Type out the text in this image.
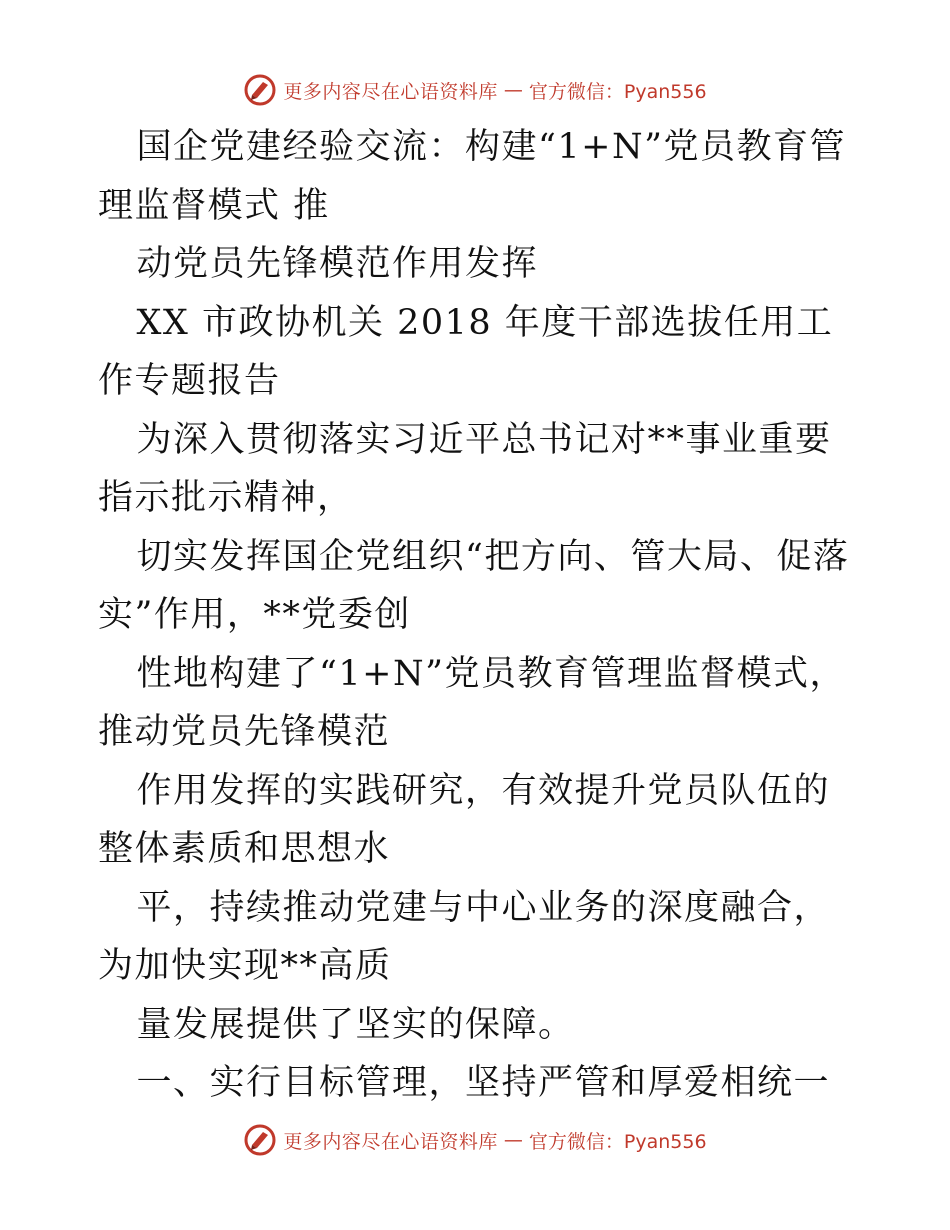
更多内容尽在心语资料库 — 官方微信：Pyan556

国企党建经验交流：构建“1+N”党员教育管理监督模式 推

动党员先锋模范作用发挥

XX 市政协机关 2018 年度干部选拔任用工作专题报告

为深入贯彻落实习近平总书记对**事业重要指示批示精神，

切实发挥国企党组织“把方向、管大局、促落实”作用，**党委创

性地构建了“1+N”党员教育管理监督模式，推动党员先锋模范

作用发挥的实践研究，有效提升党员队伍的整体素质和思想水

平，持续推动党建与中心业务的深度融合，为加快实现**高质

量发展提供了坚实的保障。

一、实行目标管理，坚持严管和厚爱相统一

更多内容尽在心语资料库 — 官方微信：Pyan556
